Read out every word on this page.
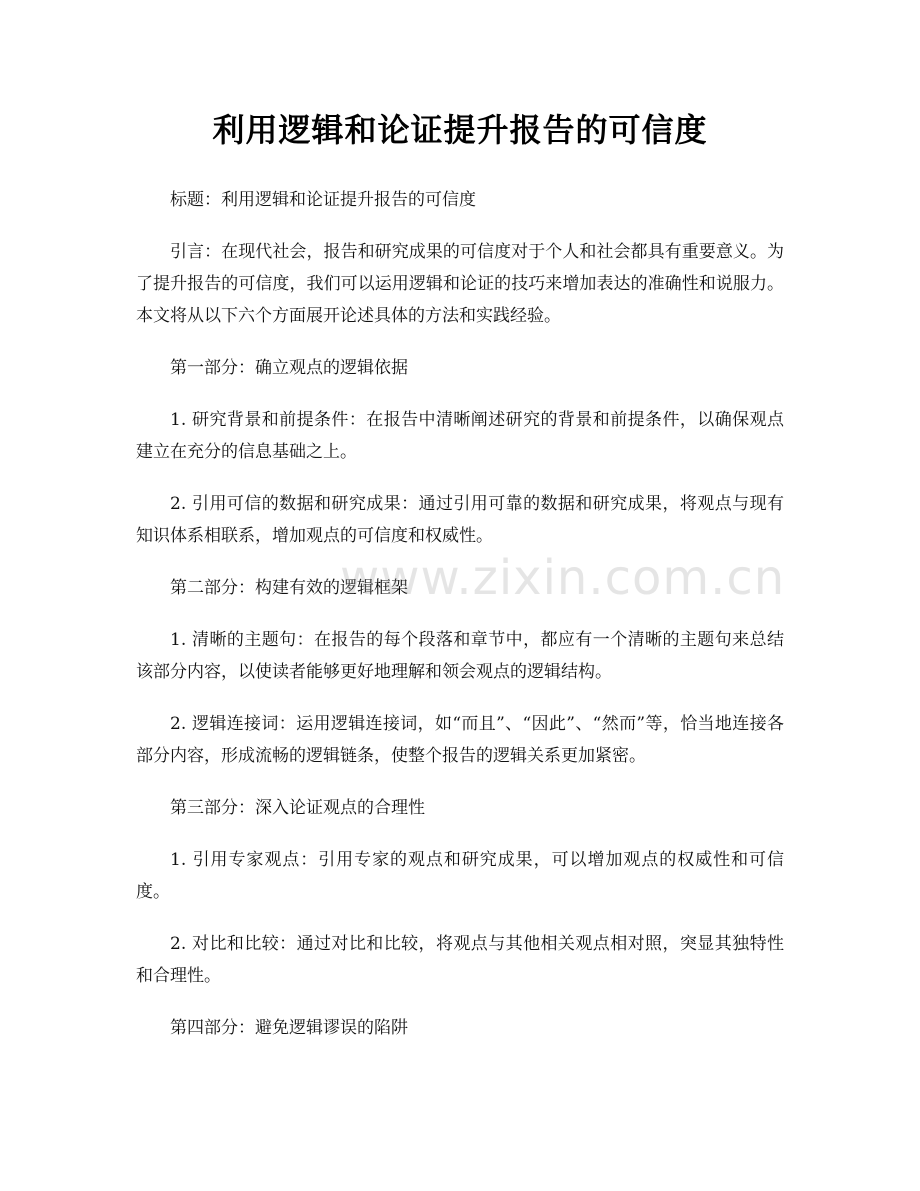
利用逻辑和论证提升报告的可信度

标题：利用逻辑和论证提升报告的可信度

引言：在现代社会，报告和研究成果的可信度对于个人和社会都具有重要意义。为了提升报告的可信度，我们可以运用逻辑和论证的技巧来增加表达的准确性和说服力。本文将从以下六个方面展开论述具体的方法和实践经验。

第一部分：确立观点的逻辑依据

1. 研究背景和前提条件：在报告中清晰阐述研究的背景和前提条件，以确保观点建立在充分的信息基础之上。

2. 引用可信的数据和研究成果：通过引用可靠的数据和研究成果，将观点与现有知识体系相联系，增加观点的可信度和权威性。

第二部分：构建有效的逻辑框架

1. 清晰的主题句：在报告的每个段落和章节中，都应有一个清晰的主题句来总结该部分内容，以使读者能够更好地理解和领会观点的逻辑结构。

2. 逻辑连接词：运用逻辑连接词，如“而且”、“因此”、“然而”等，恰当地连接各部分内容，形成流畅的逻辑链条，使整个报告的逻辑关系更加紧密。

第三部分：深入论证观点的合理性

1. 引用专家观点：引用专家的观点和研究成果，可以增加观点的权威性和可信度。

2. 对比和比较：通过对比和比较，将观点与其他相关观点相对照，突显其独特性和合理性。

第四部分：避免逻辑谬误的陷阱

www.zixin.com.cn
